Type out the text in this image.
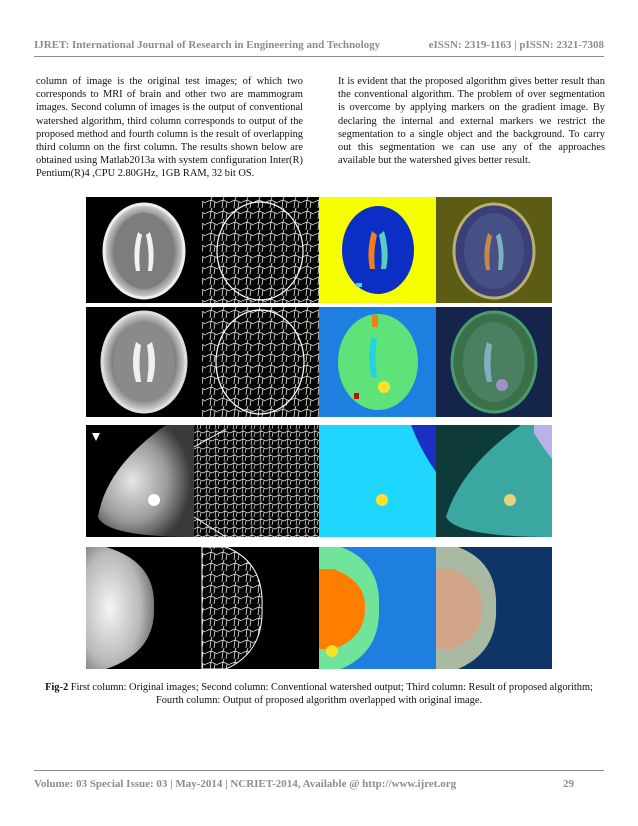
IJRET: International Journal of Research in Engineering and Technology	eISSN: 2319-1163 | pISSN: 2321-7308

column of image is the original test images; of which two corresponds to MRI of brain and other two are mammogram images. Second column of images is the output of conventional watershed algorithm, third column corresponds to output of the proposed method and fourth column is the result of overlapping third column on the first column. The results shown below are obtained using Matlab2013a with system configuration Inter(R) Pentium(R)4 ,CPU 2.80GHz, 1GB RAM, 32 bit OS.

It is evident that the proposed algorithm gives better result than the conventional algorithm. The problem of over segmentation is overcome by applying markers on the gradient image. By declaring the internal and external markers we restrict the segmentation to a single object and the background. To carry out this segmentation we can use any of the approaches available but the watershed gives better result.

Fig-2 First column: Original images; Second column: Conventional watershed output; Third column: Result of proposed algorithm; Fourth column: Output of proposed algorithm overlapped with original image.
Volume: 03 Special Issue: 03 | May-2014 | NCRIET-2014, Available @ http://www.ijret.org	29
